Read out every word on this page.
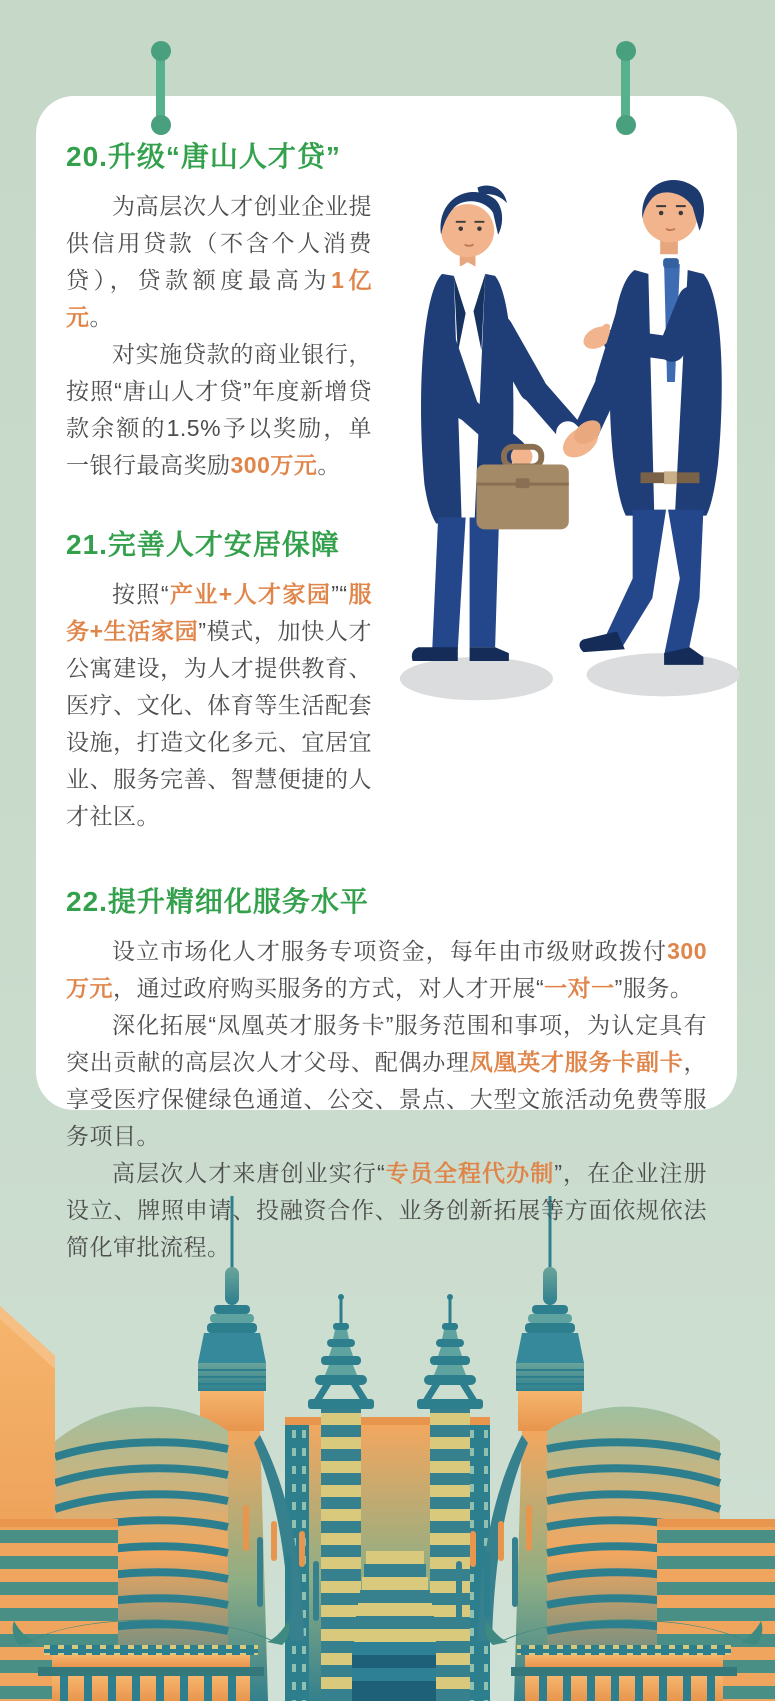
20.升级“唐山人才贷”

为高层次人才创业企业提供信用贷款（不含个人消费贷），贷款额度最高为1亿元。

对实施贷款的商业银行，按照“唐山人才贷”年度新增贷款余额的1.5%予以奖励，单一银行最高奖励300万元。

21.完善人才安居保障

按照“产业+人才家园”“服务+生活家园”模式，加快人才公寓建设，为人才提供教育、医疗、文化、体育等生活配套设施，打造文化多元、宜居宜业、服务完善、智慧便捷的人才社区。

22.提升精细化服务水平

设立市场化人才服务专项资金，每年由市级财政拨付300万元，通过政府购买服务的方式，对人才开展“一对一”服务。

深化拓展“凤凰英才服务卡”服务范围和事项，为认定具有突出贡献的高层次人才父母、配偶办理凤凰英才服务卡副卡，享受医疗保健绿色通道、公交、景点、大型文旅活动免费等服务项目。

高层次人才来唐创业实行“专员全程代办制”，在企业注册设立、牌照申请、投融资合作、业务创新拓展等方面依规依法简化审批流程。
